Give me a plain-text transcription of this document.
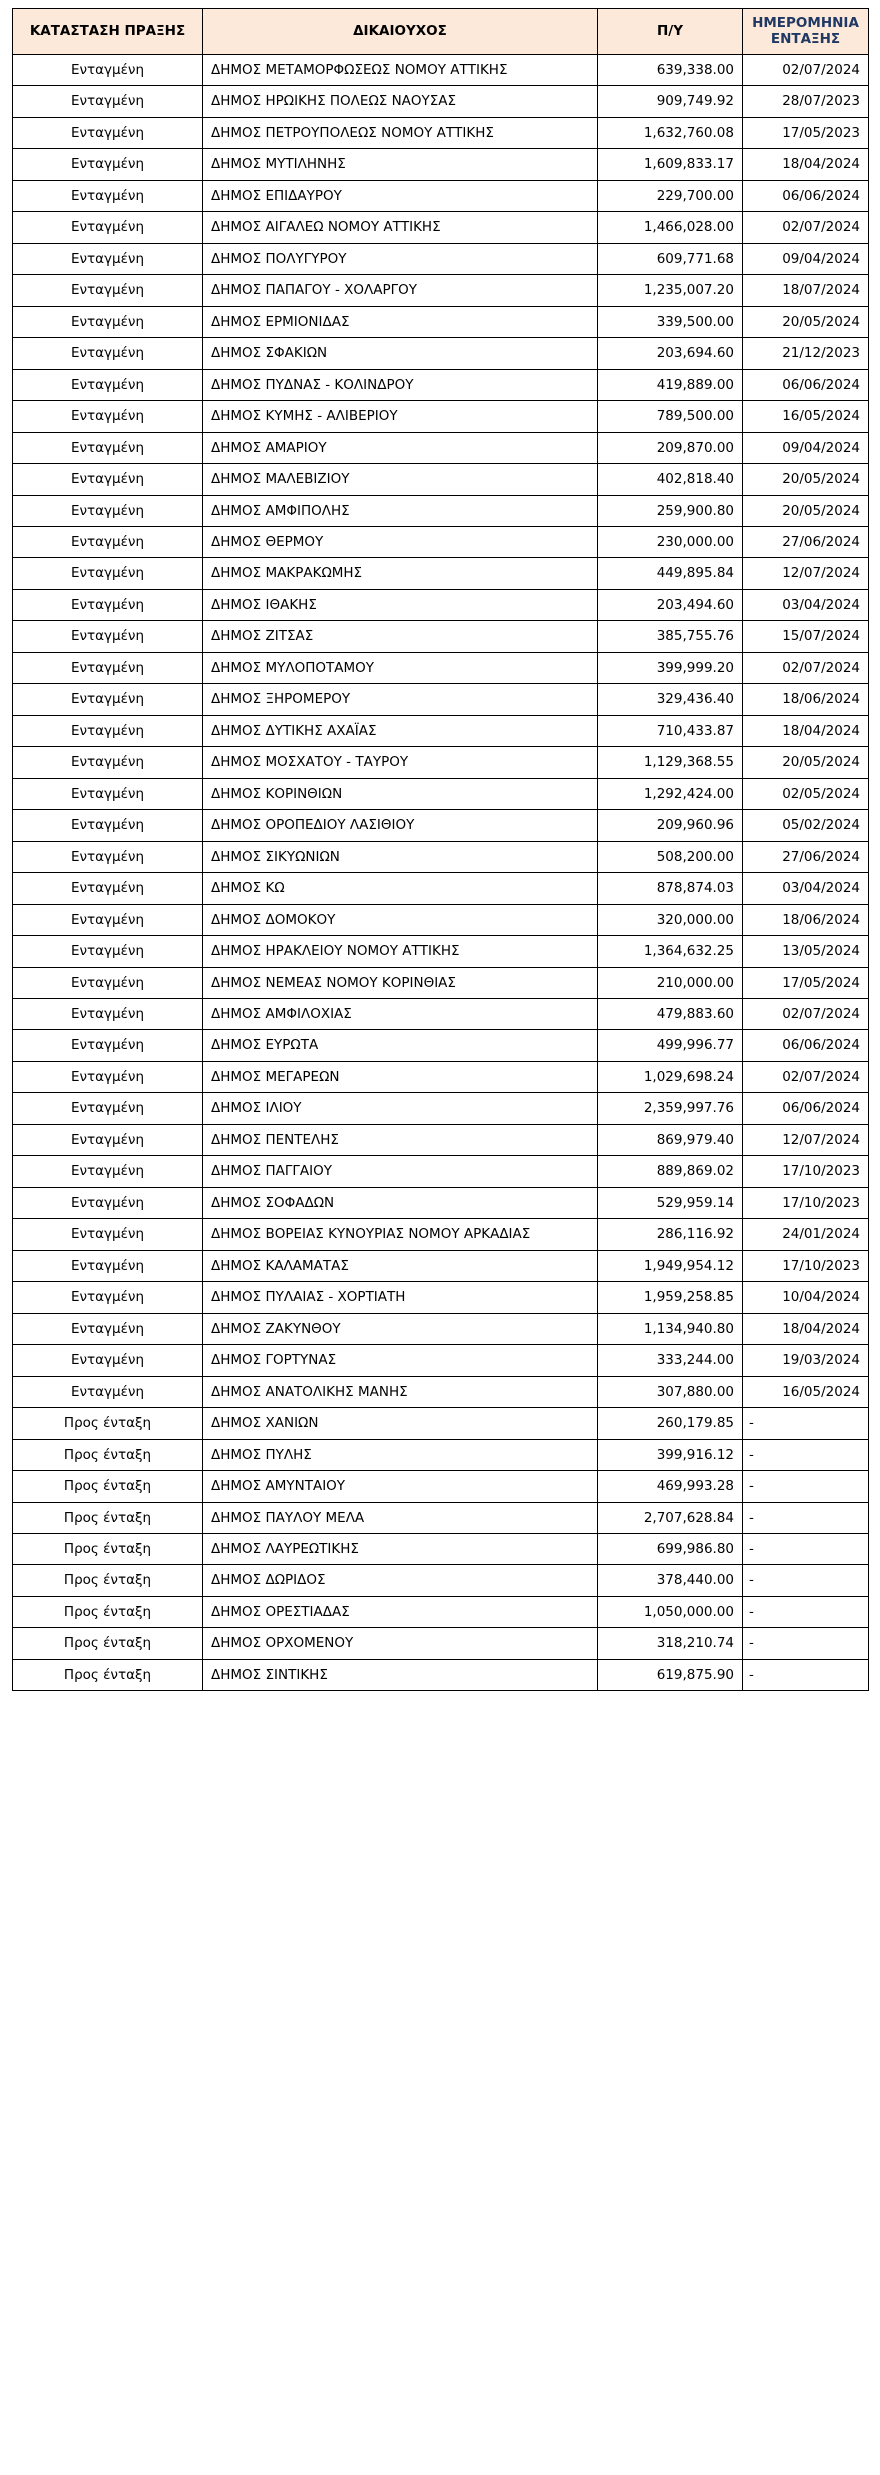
ΚΑΤΑΣΤΑΣΗ ΠΡΑΞΗΣ	ΔΙΚΑΙΟΥΧΟΣ	Π/Υ	ΗΜΕΡΟΜΗΝΙΑ ΕΝΤΑΞΗΣ
Ενταγμένη	ΔΗΜΟΣ ΜΕΤΑΜΟΡΦΩΣΕΩΣ ΝΟΜΟΥ ΑΤΤΙΚΗΣ	639,338.00	02/07/2024
Ενταγμένη	ΔΗΜΟΣ ΗΡΩΙΚΗΣ ΠΟΛΕΩΣ ΝΑΟΥΣΑΣ	909,749.92	28/07/2023
Ενταγμένη	ΔΗΜΟΣ ΠΕΤΡΟΥΠΟΛΕΩΣ ΝΟΜΟΥ ΑΤΤΙΚΗΣ	1,632,760.08	17/05/2023
Ενταγμένη	ΔΗΜΟΣ ΜΥΤΙΛΗΝΗΣ	1,609,833.17	18/04/2024
Ενταγμένη	ΔΗΜΟΣ ΕΠΙΔΑΥΡΟΥ	229,700.00	06/06/2024
Ενταγμένη	ΔΗΜΟΣ ΑΙΓΑΛΕΩ ΝΟΜΟΥ ΑΤΤΙΚΗΣ	1,466,028.00	02/07/2024
Ενταγμένη	ΔΗΜΟΣ ΠΟΛΥΓΥΡΟΥ	609,771.68	09/04/2024
Ενταγμένη	ΔΗΜΟΣ ΠΑΠΑΓΟΥ - ΧΟΛΑΡΓΟΥ	1,235,007.20	18/07/2024
Ενταγμένη	ΔΗΜΟΣ ΕΡΜΙΟΝΙΔΑΣ	339,500.00	20/05/2024
Ενταγμένη	ΔΗΜΟΣ ΣΦΑΚΙΩΝ	203,694.60	21/12/2023
Ενταγμένη	ΔΗΜΟΣ ΠΥΔΝΑΣ - ΚΟΛΙΝΔΡΟΥ	419,889.00	06/06/2024
Ενταγμένη	ΔΗΜΟΣ ΚΥΜΗΣ - ΑΛΙΒΕΡΙΟΥ	789,500.00	16/05/2024
Ενταγμένη	ΔΗΜΟΣ ΑΜΑΡΙΟΥ	209,870.00	09/04/2024
Ενταγμένη	ΔΗΜΟΣ ΜΑΛΕΒΙΖΙΟΥ	402,818.40	20/05/2024
Ενταγμένη	ΔΗΜΟΣ ΑΜΦΙΠΟΛΗΣ	259,900.80	20/05/2024
Ενταγμένη	ΔΗΜΟΣ ΘΕΡΜΟΥ	230,000.00	27/06/2024
Ενταγμένη	ΔΗΜΟΣ ΜΑΚΡΑΚΩΜΗΣ	449,895.84	12/07/2024
Ενταγμένη	ΔΗΜΟΣ ΙΘΑΚΗΣ	203,494.60	03/04/2024
Ενταγμένη	ΔΗΜΟΣ ΖΙΤΣΑΣ	385,755.76	15/07/2024
Ενταγμένη	ΔΗΜΟΣ ΜΥΛΟΠΟΤΑΜΟΥ	399,999.20	02/07/2024
Ενταγμένη	ΔΗΜΟΣ ΞΗΡΟΜΕΡΟΥ	329,436.40	18/06/2024
Ενταγμένη	ΔΗΜΟΣ ΔΥΤΙΚΗΣ ΑΧΑΪΑΣ	710,433.87	18/04/2024
Ενταγμένη	ΔΗΜΟΣ ΜΟΣΧΑΤΟΥ - ΤΑΥΡΟΥ	1,129,368.55	20/05/2024
Ενταγμένη	ΔΗΜΟΣ ΚΟΡΙΝΘΙΩΝ	1,292,424.00	02/05/2024
Ενταγμένη	ΔΗΜΟΣ ΟΡΟΠΕΔΙΟΥ ΛΑΣΙΘΙΟΥ	209,960.96	05/02/2024
Ενταγμένη	ΔΗΜΟΣ ΣΙΚΥΩΝΙΩΝ	508,200.00	27/06/2024
Ενταγμένη	ΔΗΜΟΣ ΚΩ	878,874.03	03/04/2024
Ενταγμένη	ΔΗΜΟΣ ΔΟΜΟΚΟΥ	320,000.00	18/06/2024
Ενταγμένη	ΔΗΜΟΣ ΗΡΑΚΛΕΙΟΥ ΝΟΜΟΥ ΑΤΤΙΚΗΣ	1,364,632.25	13/05/2024
Ενταγμένη	ΔΗΜΟΣ ΝΕΜΕΑΣ ΝΟΜΟΥ ΚΟΡΙΝΘΙΑΣ	210,000.00	17/05/2024
Ενταγμένη	ΔΗΜΟΣ ΑΜΦΙΛΟΧΙΑΣ	479,883.60	02/07/2024
Ενταγμένη	ΔΗΜΟΣ ΕΥΡΩΤΑ	499,996.77	06/06/2024
Ενταγμένη	ΔΗΜΟΣ ΜΕΓΑΡΕΩΝ	1,029,698.24	02/07/2024
Ενταγμένη	ΔΗΜΟΣ ΙΛΙΟΥ	2,359,997.76	06/06/2024
Ενταγμένη	ΔΗΜΟΣ ΠΕΝΤΕΛΗΣ	869,979.40	12/07/2024
Ενταγμένη	ΔΗΜΟΣ ΠΑΓΓΑΙΟΥ	889,869.02	17/10/2023
Ενταγμένη	ΔΗΜΟΣ ΣΟΦΑΔΩΝ	529,959.14	17/10/2023
Ενταγμένη	ΔΗΜΟΣ ΒΟΡΕΙΑΣ ΚΥΝΟΥΡΙΑΣ ΝΟΜΟΥ ΑΡΚΑΔΙΑΣ	286,116.92	24/01/2024
Ενταγμένη	ΔΗΜΟΣ ΚΑΛΑΜΑΤΑΣ	1,949,954.12	17/10/2023
Ενταγμένη	ΔΗΜΟΣ ΠΥΛΑΙΑΣ - ΧΟΡΤΙΑΤΗ	1,959,258.85	10/04/2024
Ενταγμένη	ΔΗΜΟΣ ΖΑΚΥΝΘΟΥ	1,134,940.80	18/04/2024
Ενταγμένη	ΔΗΜΟΣ ΓΟΡΤΥΝΑΣ	333,244.00	19/03/2024
Ενταγμένη	ΔΗΜΟΣ ΑΝΑΤΟΛΙΚΗΣ ΜΑΝΗΣ	307,880.00	16/05/2024
Προς ένταξη	ΔΗΜΟΣ ΧΑΝΙΩΝ	260,179.85	-
Προς ένταξη	ΔΗΜΟΣ ΠΥΛΗΣ	399,916.12	-
Προς ένταξη	ΔΗΜΟΣ ΑΜΥΝΤΑΙΟΥ	469,993.28	-
Προς ένταξη	ΔΗΜΟΣ ΠΑΥΛΟΥ ΜΕΛΑ	2,707,628.84	-
Προς ένταξη	ΔΗΜΟΣ ΛΑΥΡΕΩΤΙΚΗΣ	699,986.80	-
Προς ένταξη	ΔΗΜΟΣ ΔΩΡΙΔΟΣ	378,440.00	-
Προς ένταξη	ΔΗΜΟΣ ΟΡΕΣΤΙΑΔΑΣ	1,050,000.00	-
Προς ένταξη	ΔΗΜΟΣ ΟΡΧΟΜΕΝΟΥ	318,210.74	-
Προς ένταξη	ΔΗΜΟΣ ΣΙΝΤΙΚΗΣ	619,875.90	-
